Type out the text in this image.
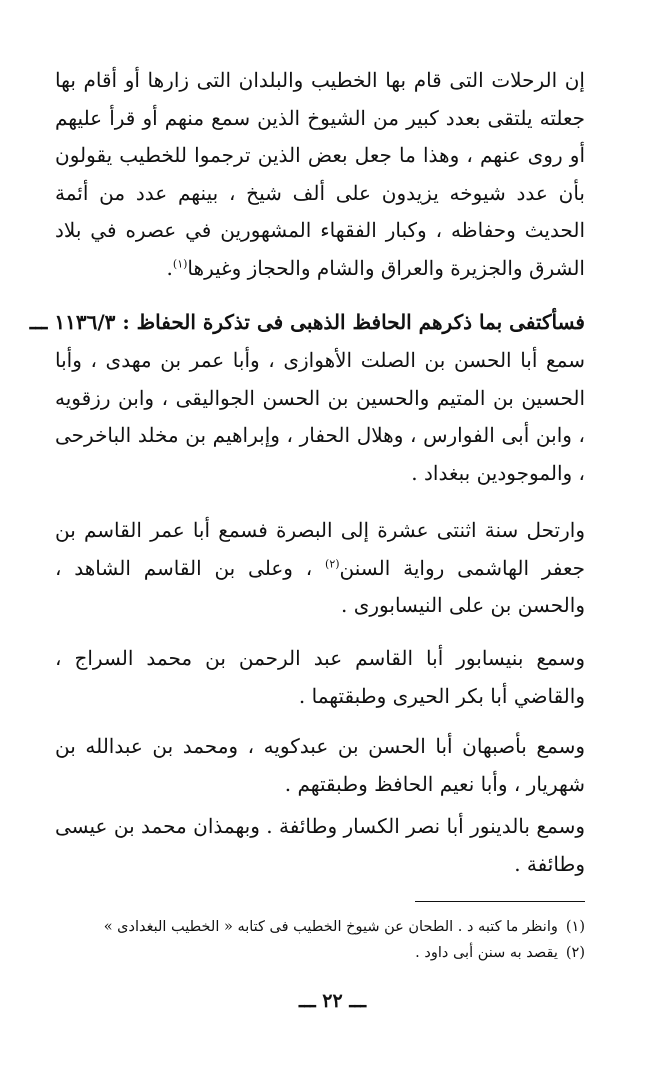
إن الرحلات التى قام بها الخطيب والبلدان التى زارها أو أقام بها جعلته يلتقى بعدد كبير من الشيوخ الذين سمع منهم أو قرأ عليهم أو روى عنهم ، وهذا ما جعل بعض الذين ترجموا للخطيب يقولون بأن عدد شيوخه يزيدون على ألف شيخ ، بينهم عدد من أئمة الحديث وحفاظه ، وكبار الفقهاء المشهورين في عصره في بلاد الشرق والجزيرة والعراق والشام والحجاز وغيرها$^{(١)}$.

فسأكتفى بما ذكرهم الحافظ الذهبى فى تذكرة الحفاظ : ١١٣٦/٣ ـــ

سمع أبا الحسن بن الصلت الأهوازى ، وأبا عمر بن مهدى ، وأبا الحسين بن المتيم والحسين بن الحسن الجواليقى ، وابن رزقويه ، وابن أبى الفوارس ، وهلال الحفار ، وإبراهيم بن مخلد الباخرحى ، والموجودين ببغداد .

وارتحل سنة اثنتى عشرة إلى البصرة فسمع أبا عمر القاسم بن جعفر الهاشمى رواية السنن$^{(٢)}$ ، وعلى بن القاسم الشاهد ، والحسن بن على النيسابورى .

وسمع بنيسابور أبا القاسم عبد الرحمن بن محمد السراج ، والقاضي أبا بكر الحيرى وطبقتهما .

وسمع بأصبهان أبا الحسن بن عبدكويه ، ومحمد بن عبدالله بن شهريار ، وأبا نعيم الحافظ وطبقتهم .

وسمع بالدينور أبا نصر الكسار وطائفة . وبهمذان محمد بن عيسى وطائفة .

(١)وانظر ما كتبه د . الطحان عن شيوخ الخطيب فى كتابه « الخطيب البغدادى »
(٢)يقصد به سنن أبى داود .
ـــ ٢٢ ـــ
